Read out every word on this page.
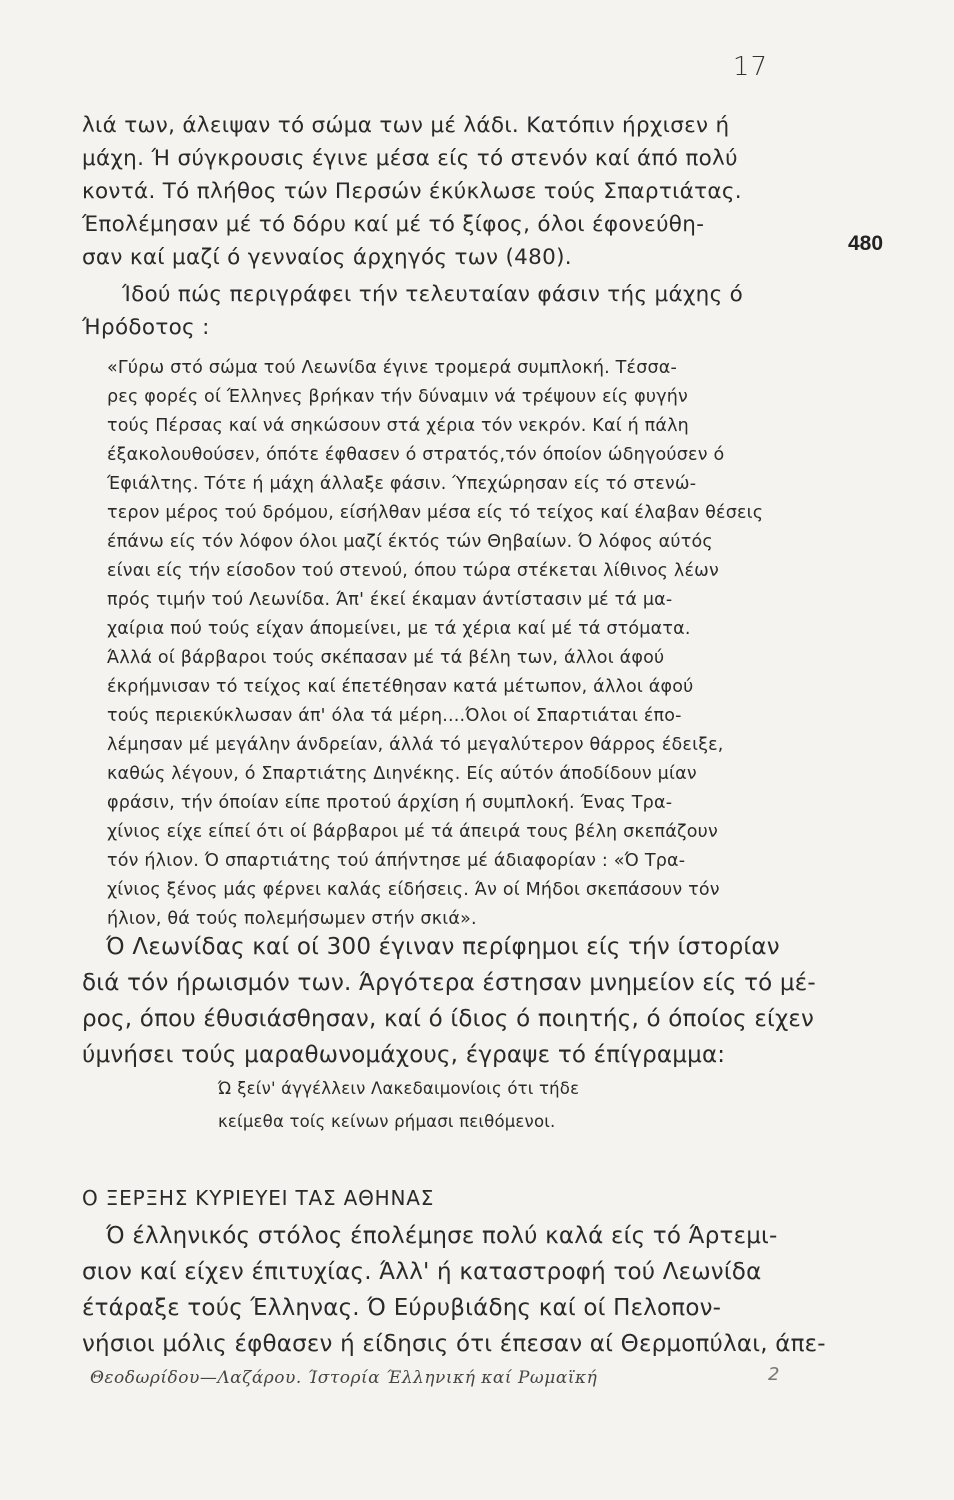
17
480
λιά των, άλειψαν τό σώμα των μέ λάδι. Κατόπιν ήρχισεν ή
μάχη. Ή σύγκρουσις έγινε μέσα είς τό στενόν καί άπό πολύ
κοντά. Τό πλήθος τών Περσών έκύκλωσε τούς Σπαρτιάτας.
Έπολέμησαν μέ τό δόρυ καί μέ τό ξίφος, όλοι έφονεύθη-
σαν καί μαζί ό γενναίος άρχηγός των (480).
Ίδού πώς περιγράφει τήν τελευταίαν φάσιν τής μάχης ό
Ήρόδοτος :
«Γύρω στό σώμα τού Λεωνίδα έγινε τρομερά συμπλοκή. Τέσσα-
ρες φορές οί Έλληνες βρήκαν τήν δύναμιν νά τρέψουν είς φυγήν
τούς Πέρσας καί νά σηκώσουν στά χέρια τόν νεκρόν. Καί ή πάλη
έξακολουθούσεν, όπότε έφθασεν ό στρατός,τόν όποίον ώδηγούσεν ό
Έφιάλτης. Τότε ή μάχη άλλαξε φάσιν. Ύπεχώρησαν είς τό στενώ-
τερον μέρος τού δρόμου, είσήλθαν μέσα είς τό τείχος καί έλαβαν θέσεις
έπάνω είς τόν λόφον όλοι μαζί έκτός τών Θηβαίων. Ό λόφος αύτός
είναι είς τήν είσοδον τού στενού, όπου τώρα στέκεται λίθινος λέων
πρός τιμήν τού Λεωνίδα. Άπ' έκεί έκαμαν άντίστασιν μέ τά μα-
χαίρια πού τούς είχαν άπομείνει, με τά χέρια καί μέ τά στόματα.
Άλλά οί βάρβαροι τούς σκέπασαν μέ τά βέλη των, άλλοι άφού
έκρήμνισαν τό τείχος καί έπετέθησαν κατά μέτωπον, άλλοι άφού
τούς περιεκύκλωσαν άπ' όλα τά μέρη....Όλοι οί Σπαρτιάται έπο-
λέμησαν μέ μεγάλην άνδρείαν, άλλά τό μεγαλύτερον θάρρος έδειξε,
καθώς λέγουν, ό Σπαρτιάτης Διηνέκης. Είς αύτόν άποδίδουν μίαν
φράσιν, τήν όποίαν είπε προτού άρχίση ή συμπλοκή. Ένας Τρα-
χίνιος είχε είπεί ότι οί βάρβαροι μέ τά άπειρά τους βέλη σκεπάζουν
τόν ήλιον. Ό σπαρτιάτης τού άπήντησε μέ άδιαφορίαν : «Ό Τρα-
χίνιος ξένος μάς φέρνει καλάς είδήσεις. Άν οί Μήδοι σκεπάσουν τόν
ήλιον, θά τούς πολεμήσωμεν στήν σκιά».
Ό Λεωνίδας καί οί 300 έγιναν περίφημοι είς τήν ίστορίαν
διά τόν ήρωισμόν των. Άργότερα έστησαν μνημείον είς τό μέ-
ρος, όπου έθυσιάσθησαν, καί ό ίδιος ό ποιητής, ό όποίος είχεν
ύμνήσει τούς μαραθωνομάχους, έγραψε τό έπίγραμμα:
Ώ ξείν' άγγέλλειν Λακεδαιμονίοις ότι τήδε
κείμεθα τοίς κείνων ρήμασι πειθόμενοι.
Ο ΞΕΡΞΗΣ ΚΥΡΙΕΥΕΙ ΤΑΣ ΑΘΗΝΑΣ
Ό έλληνικός στόλος έπολέμησε πολύ καλά είς τό Άρτεμι-
σιον καί είχεν έπιτυχίας. Άλλ' ή καταστροφή τού Λεωνίδα
έτάραξε τούς Έλληνας. Ό Εύρυβιάδης καί οί Πελοπον-
νήσιοι μόλις έφθασεν ή είδησις ότι έπεσαν αί Θερμοπύλαι, άπε-
Θεοδωρίδου—Λαζάρου. Ίστορία Έλληνική καί Ρωμαϊκή	2
